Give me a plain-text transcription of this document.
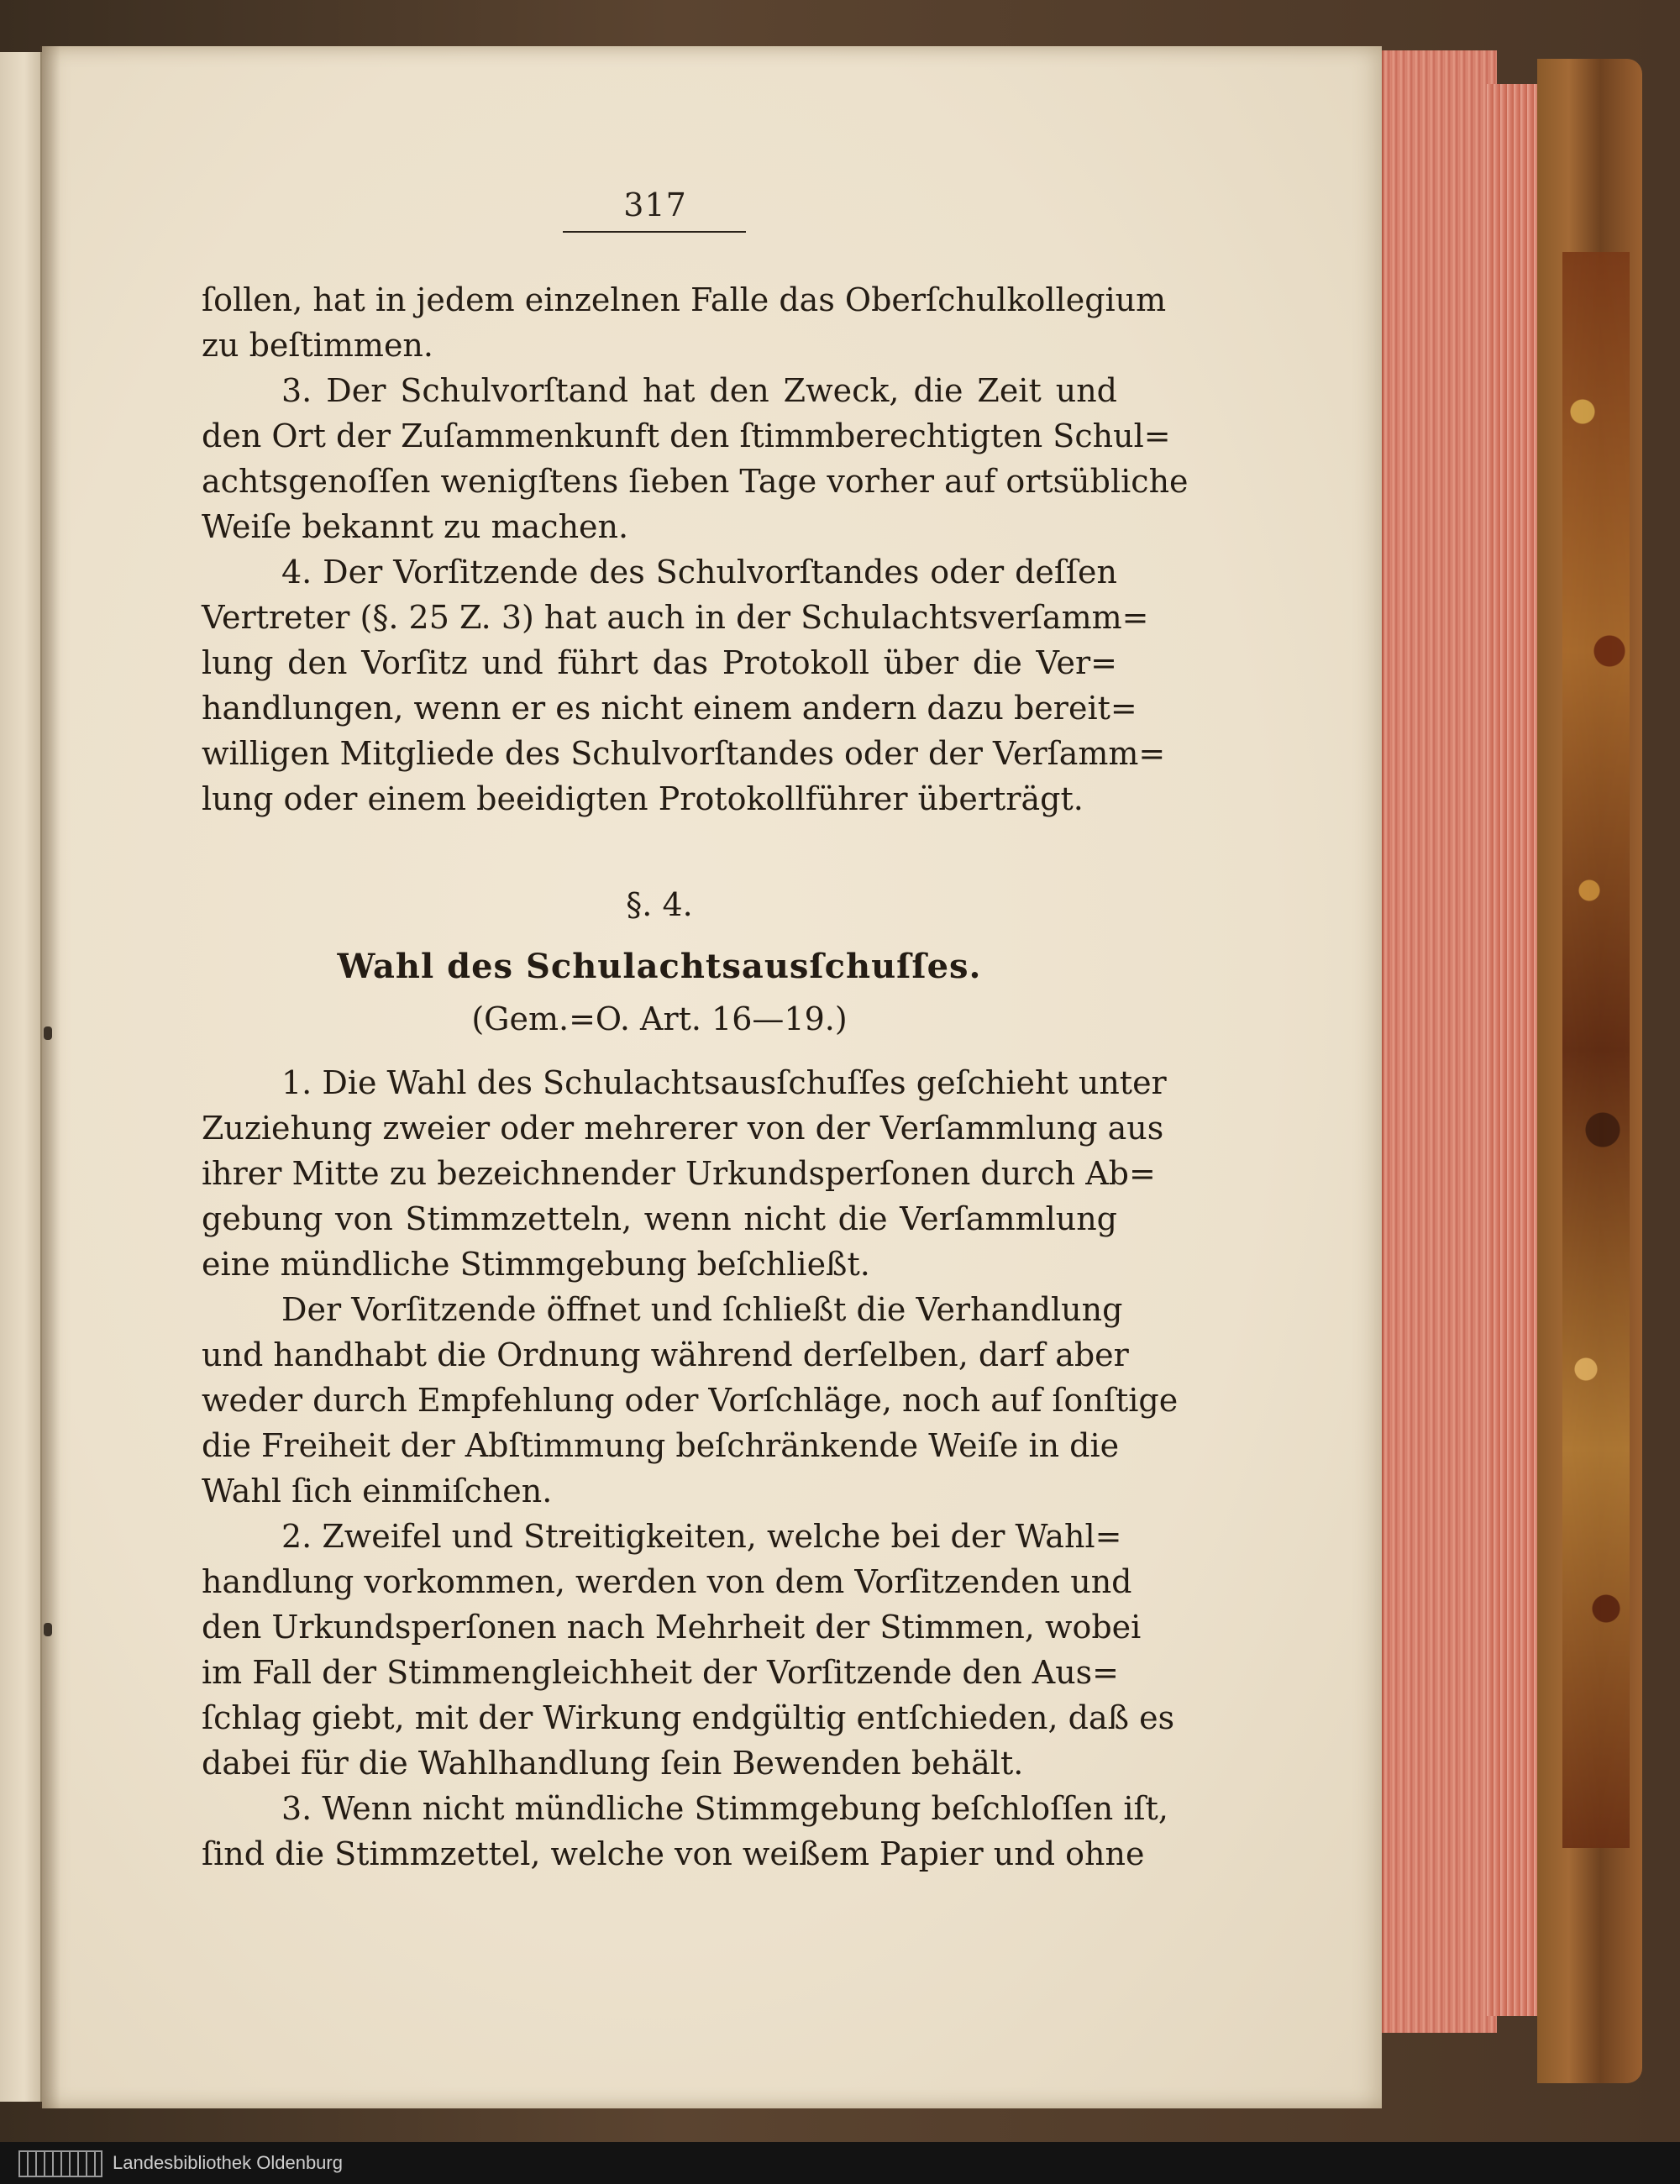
317
ſollen, hat in jedem einzelnen Falle das Oberſchulkollegium
zu beſtimmen.
3. Der Schulvorſtand hat den Zweck, die Zeit und
den Ort der Zuſammenkunft den ſtimmberechtigten Schul=
achtsgenoſſen wenigſtens ſieben Tage vorher auf ortsübliche
Weiſe bekannt zu machen.
4. Der Vorſitzende des Schulvorſtandes oder deſſen
Vertreter (§. 25 Z. 3) hat auch in der Schulachtsverſamm=
lung den Vorſitz und führt das Protokoll über die Ver=
handlungen, wenn er es nicht einem andern dazu bereit=
willigen Mitgliede des Schulvorſtandes oder der Verſamm=
lung oder einem beeidigten Protokollführer überträgt.
§. 4.
Wahl des Schulachtsausſchuſſes.
(Gem.=O. Art. 16—19.)
1. Die Wahl des Schulachtsausſchuſſes geſchieht unter
Zuziehung zweier oder mehrerer von der Verſammlung aus
ihrer Mitte zu bezeichnender Urkundsperſonen durch Ab=
gebung von Stimmzetteln, wenn nicht die Verſammlung
eine mündliche Stimmgebung beſchließt.
Der Vorſitzende öffnet und ſchließt die Verhandlung
und handhabt die Ordnung während derſelben, darf aber
weder durch Empfehlung oder Vorſchläge, noch auf ſonſtige
die Freiheit der Abſtimmung beſchränkende Weiſe in die
Wahl ſich einmiſchen.
2. Zweifel und Streitigkeiten, welche bei der Wahl=
handlung vorkommen, werden von dem Vorſitzenden und
den Urkundsperſonen nach Mehrheit der Stimmen, wobei
im Fall der Stimmengleichheit der Vorſitzende den Aus=
ſchlag giebt, mit der Wirkung endgültig entſchieden, daß es
dabei für die Wahlhandlung ſein Bewenden behält.
3. Wenn nicht mündliche Stimmgebung beſchloſſen iſt,
ſind die Stimmzettel, welche von weißem Papier und ohne
Landesbibliothek Oldenburg
